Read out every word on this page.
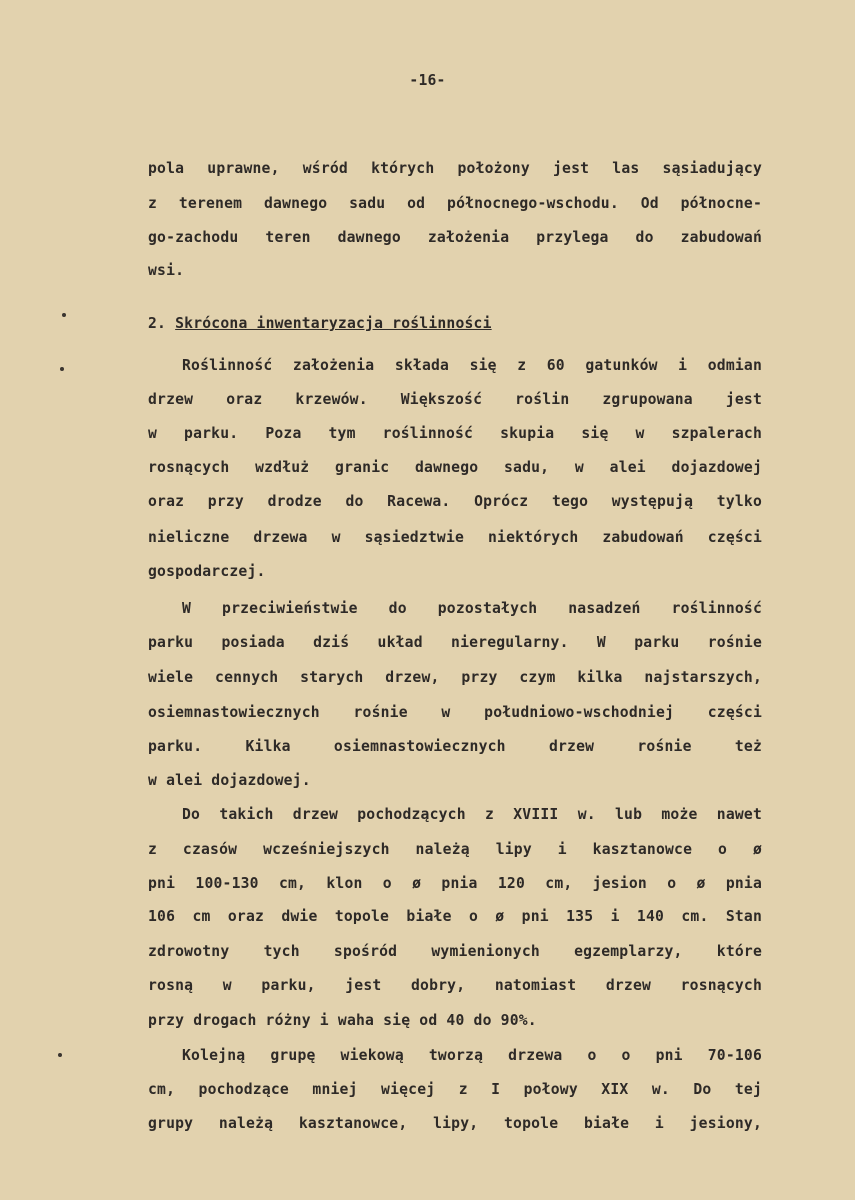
-16-
pola uprawne, wśród których położony jest las sąsiadujący
z terenem dawnego sadu od północnego-wschodu. Od północne-
go-zachodu teren dawnego założenia przylega do zabudowań
wsi.
2. Skrócona inwentaryzacja roślinności
Roślinność założenia składa się z 60 gatunków i odmian
drzew oraz krzewów. Większość roślin zgrupowana jest
w parku. Poza tym roślinność skupia się w szpalerach
rosnących wzdłuż granic dawnego sadu, w alei dojazdowej
oraz przy drodze do Racewa. Oprócz tego występują tylko
nieliczne drzewa w sąsiedztwie niektórych zabudowań części
gospodarczej.
W przeciwieństwie do pozostałych nasadzeń roślinność
parku posiada dziś układ nieregularny. W parku rośnie
wiele cennych starych drzew, przy czym kilka najstarszych,
osiemnastowiecznych rośnie w południowo-wschodniej części
parku. Kilka osiemnastowiecznych drzew rośnie też
w alei dojazdowej.
Do takich drzew pochodzących z XVIII w. lub może nawet
z czasów wcześniejszych należą lipy i kasztanowce o ø
pni 100-130 cm, klon o ø pnia 120 cm, jesion o ø pnia
106 cm oraz dwie topole białe o ø pni 135 i 140 cm. Stan
zdrowotny tych spośród wymienionych egzemplarzy, które
rosną w parku, jest dobry, natomiast drzew rosnących
przy drogach różny i waha się od 40 do 90%.
Kolejną grupę wiekową tworzą drzewa o o pni 70-106
cm, pochodzące mniej więcej z I połowy XIX w. Do tej
grupy należą kasztanowce, lipy, topole białe i jesiony,
